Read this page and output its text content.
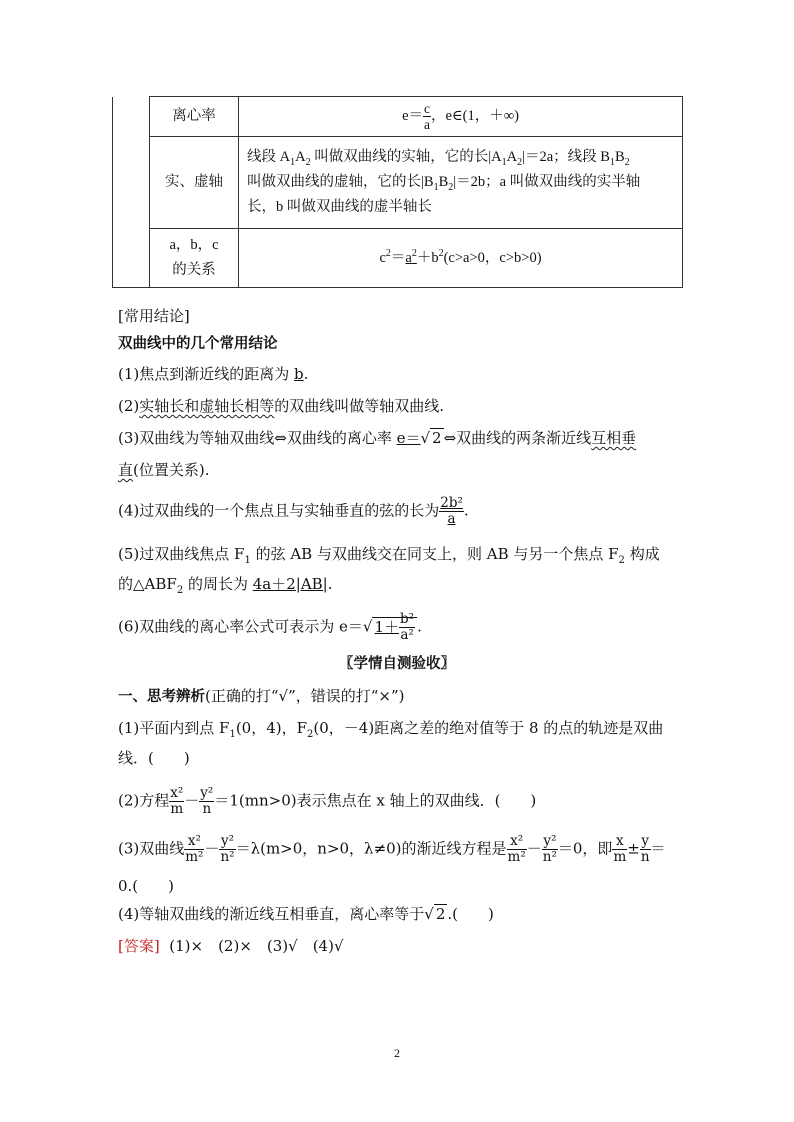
	离心率	$e= \frac{c}{a}$ ，e∈(1，＋∞)
	实、虚轴	线段 $A_1A_2$ 叫做双曲线的实轴，它的长$|A_1A_2|=2a$；线段 $B_1B_2$
叫做双曲线的虚轴，它的长$|B_1B_2|=2b$；a 叫做双曲线的实半轴
长，b 叫做双曲线的虚半轴长

	a，b，c
的关系	$c^2=a^2+b^2(c>a>0$，c>b>0)
[常用结论]
双曲线中的几个常用结论
(1)焦点到渐近线的距离为 b.
(2)实轴长和虚轴长相等的双曲线叫做等轴双曲线.
(3)双曲线为等轴双曲线⇔双曲线的离心率 e＝√ 2 ⇔双曲线的两条渐近线互相垂
直(位置关系).
(4)过双曲线的一个焦点且与实轴垂直的弦的长为 $\frac{\text{2b²}}{a}$ .
(5)过双曲线焦点 $F_1$ 的弦 AB 与双曲线交在同支上，则 AB 与另一个焦点 $F_2$ 构成
的$\triangle ABF_2$ 的周长为 4a＋2|AB|.
(6)双曲线的离心率公式可表示为 e＝√ $1+ \frac{\text{b²}}{\text{a²}}$ .
〖学情自测验收〗
一、思考辨析(正确的打“√”，错误的打“×”)
(1)平面内到点 $F_1(0$，4)，$F_2(0$，－4)距离之差的绝对值等于 8 的点的轨迹是双曲
线．(　　)
(2)方程 $\frac{\text{x²}}{m} - \frac{\text{y²}}{n} =1(mn>0)$表示焦点在 x 轴上的双曲线．(　　)
(3)双曲线 $\frac{\text{x²}}{\text{m²}} - \frac{\text{y²}}{\text{n²}} =\lambda(m>0$，n>0，λ≠0)的渐近线方程是 $\frac{\text{x²}}{\text{m²}} - \frac{\text{y²}}{\text{n²}} =0$，即 $\frac{x}{m} \pm \frac{y}{n}$ ＝
0.(　　)
(4)等轴双曲线的渐近线互相垂直，离心率等于√ 2 .(　　)
[答案]  (1)×　(2)×　(3)√　(4)√
2
